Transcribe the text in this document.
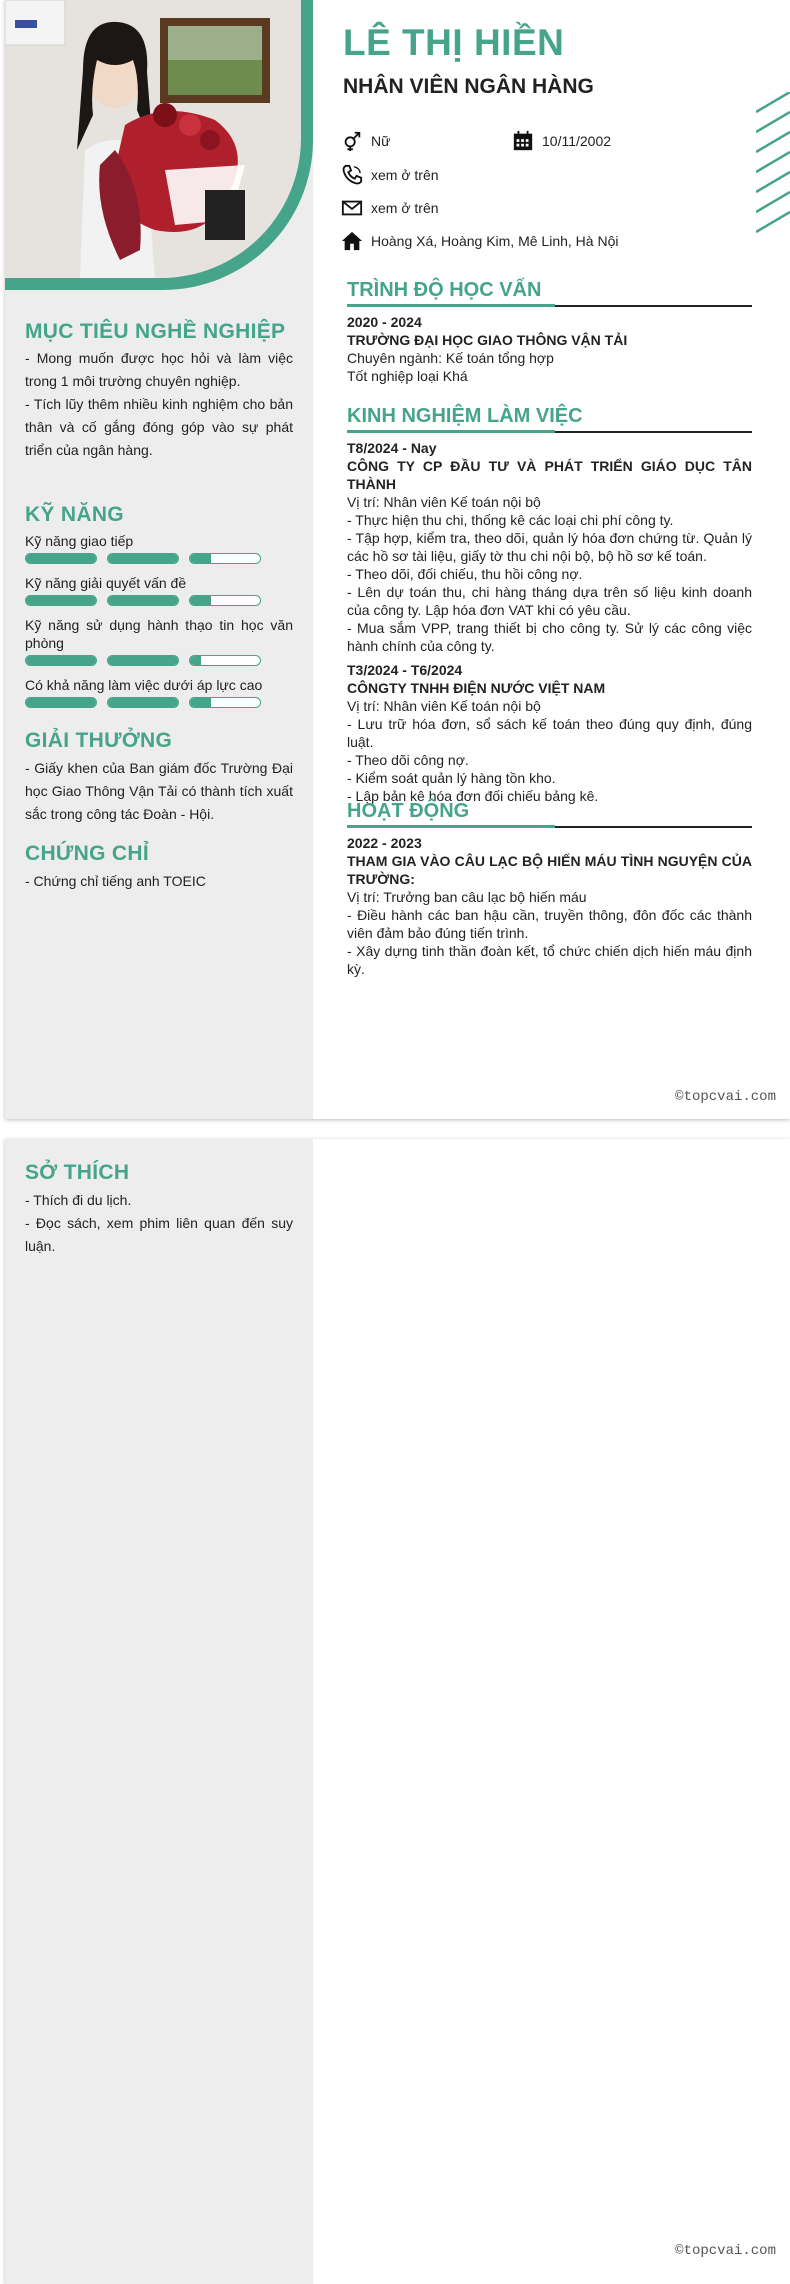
MỤC TIÊU NGHỀ NGHIỆP

- Mong muốn được học hỏi và làm việc trong 1 môi trường chuyên nghiệp.

- Tích lũy thêm nhiều kinh nghiệm cho bản thân và cố gắng đóng góp vào sự phát triển của ngân hàng.

KỸ NĂNG
Kỹ năng giao tiếp
Kỹ năng giải quyết vấn đề
Kỹ năng sử dụng hành thạo tin học văn phòng
Có khả năng làm việc dưới áp lực cao
GIẢI THƯỞNG

- Giấy khen của Ban giám đốc Trường Đại học Giao Thông Vận Tải có thành tích xuất sắc trong công tác Đoàn - Hội.

CHỨNG CHỈ

- Chứng chỉ tiếng anh TOEIC

LÊ THỊ HIỀN
NHÂN VIÊN NGÂN HÀNG
Nữ	10/11/2002
xem ở trên
xem ở trên
Hoàng Xá, Hoàng Kim, Mê Linh, Hà Nội
TRÌNH ĐỘ HỌC VẤN
2020 - 2024
TRƯỜNG ĐẠI HỌC GIAO THÔNG VẬN TẢI
Chuyên ngành: Kế toán tổng hợp
Tốt nghiệp loại Khá
KINH NGHIỆM LÀM VIỆC
T8/2024 - Nay
CÔNG TY CP ĐẦU TƯ VÀ PHÁT TRIỂN GIÁO DỤC TÂN THÀNH
Vị trí: Nhân viên Kế toán nội bộ
- Thực hiện thu chi, thống kê các loại chi phí công ty.
- Tập hợp, kiểm tra, theo dõi, quản lý hóa đơn chứng từ. Quản lý các hồ sơ tài liệu, giấy tờ thu chi nội bộ, bộ hồ sơ kế toán.
- Theo dõi, đối chiếu, thu hồi công nợ.
- Lên dự toán thu, chi hàng tháng dựa trên số liệu kinh doanh của công ty. Lập hóa đơn VAT khi có yêu cầu.
- Mua sắm VPP, trang thiết bị cho công ty. Sử lý các công việc hành chính của công ty.
T3/2024 - T6/2024
CÔNGTY TNHH ĐIỆN NƯỚC VIỆT NAM
Vị trí: Nhân viên Kế toán nội bộ
- Lưu trữ hóa đơn, sổ sách kế toán theo đúng quy định, đúng luật.
- Theo dõi công nợ.
- Kiểm soát quản lý hàng tồn kho.
- Lập bản kê hóa đơn đối chiếu bảng kê.
HOẠT ĐỘNG
2022 - 2023
THAM GIA VÀO CÂU LẠC BỘ HIẾN MÁU TÌNH NGUYỆN CỦA TRƯỜNG:
Vị trí: Trưởng ban câu lạc bộ hiến máu
- Điều hành các ban hậu cần, truyền thông, đôn đốc các thành viên đảm bảo đúng tiến trình.
- Xây dựng tinh thần đoàn kết, tổ chức chiến dịch hiến máu định kỳ.
©topcvai.com
SỞ THÍCH

- Thích đi du lịch.

- Đọc sách, xem phim liên quan đến suy luận.

©topcvai.com
